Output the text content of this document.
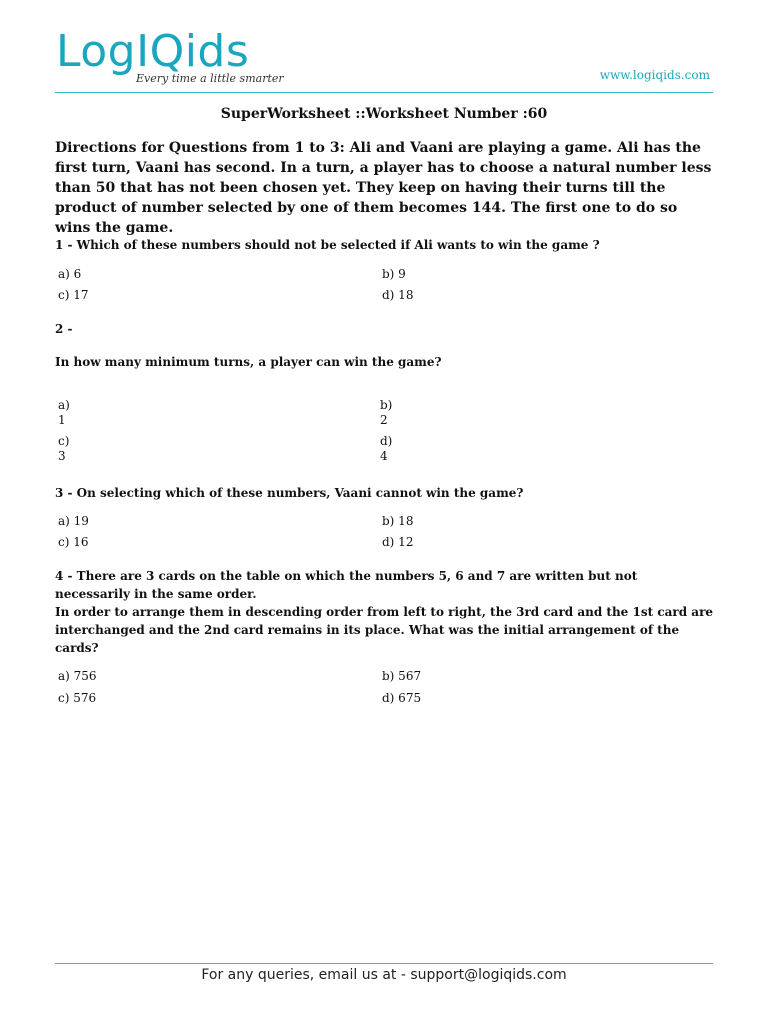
LogIQids
Every time a little smarter	www.logiqids.com
SuperWorksheet ::Worksheet Number :60
Directions for Questions from 1 to 3: Ali and Vaani are playing a game. Ali has the first turn, Vaani has second. In a turn, a player has to choose a natural number less than 50 that has not been chosen yet. They keep on having their turns till the product of number selected by one of them becomes 144. The first one to do so wins the game.
1 - Which of these numbers should not be selected if Ali wants to win the game ?
a) 6	b) 9
c) 17	d) 18
2 -
In how many minimum turns, a player can win the game?
a)
1
b)
2
c)
3
d)
4
3 - On selecting which of these numbers, Vaani cannot win the game?
a) 19	b) 18
c) 16	d) 12
4 - There are 3 cards on the table on which the numbers 5, 6 and 7 are written but not necessarily in the same order.
In order to arrange them in descending order from left to right, the 3rd card and the 1st card are interchanged and the 2nd card remains in its place. What was the initial arrangement of the cards?
a) 756	b) 567
c) 576	d) 675
For any queries, email us at - support@logiqids.com
